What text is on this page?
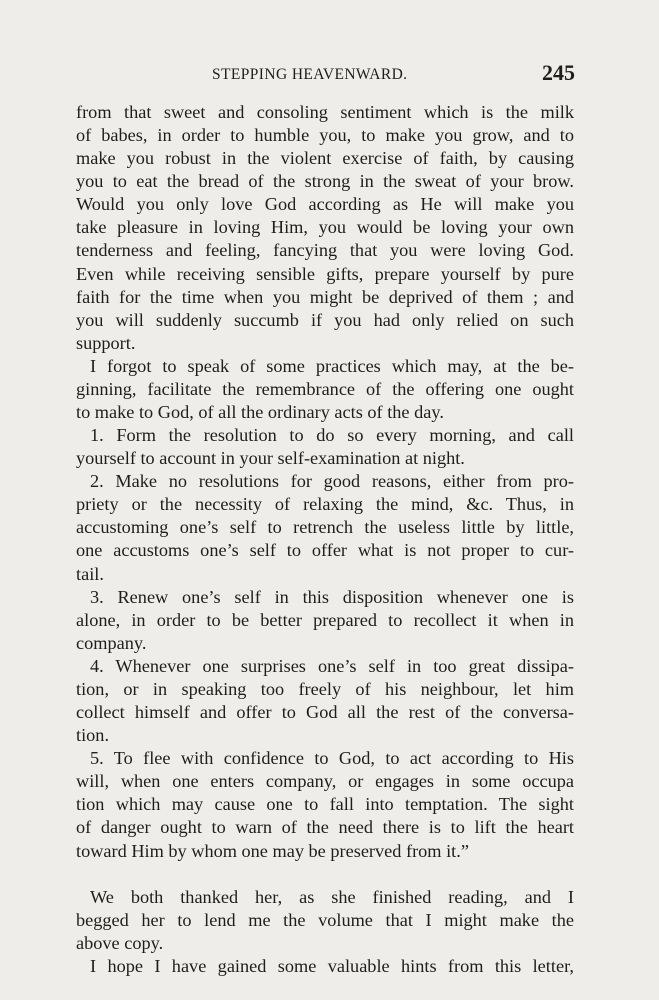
STEPPING HEAVENWARD.	245
from that sweet and consoling sentiment which is the milk
of babes, in order to humble you, to make you grow, and to
make you robust in the violent exercise of faith, by causing
you to eat the bread of the strong in the sweat of your brow.
Would you only love God according as He will make you
take pleasure in loving Him, you would be loving your own
tenderness and feeling, fancying that you were loving God.
Even while receiving sensible gifts, prepare yourself by pure
faith for the time when you might be deprived of them ; and
you will suddenly succumb if you had only relied on such
support.
I forgot to speak of some practices which may, at the be-
ginning, facilitate the remembrance of the offering one ought
to make to God, of all the ordinary acts of the day.
1. Form the resolution to do so every morning, and call
yourself to account in your self-examination at night.
2. Make no resolutions for good reasons, either from pro-
priety or the necessity of relaxing the mind, &c. Thus, in
accustoming one’s self to retrench the useless little by little,
one accustoms one’s self to offer what is not proper to cur-
tail.
3. Renew one’s self in this disposition whenever one is
alone, in order to be better prepared to recollect it when in
company.
4. Whenever one surprises one’s self in too great dissipa-
tion, or in speaking too freely of his neighbour, let him
collect himself and offer to God all the rest of the conversa-
tion.
5. To flee with confidence to God, to act according to His
will, when one enters company, or engages in some occupa
tion which may cause one to fall into temptation. The sight
of danger ought to warn of the need there is to lift the heart
toward Him by whom one may be preserved from it.”
We both thanked her, as she finished reading, and I
begged her to lend me the volume that I might make the
above copy.
I hope I have gained some valuable hints from this letter,
